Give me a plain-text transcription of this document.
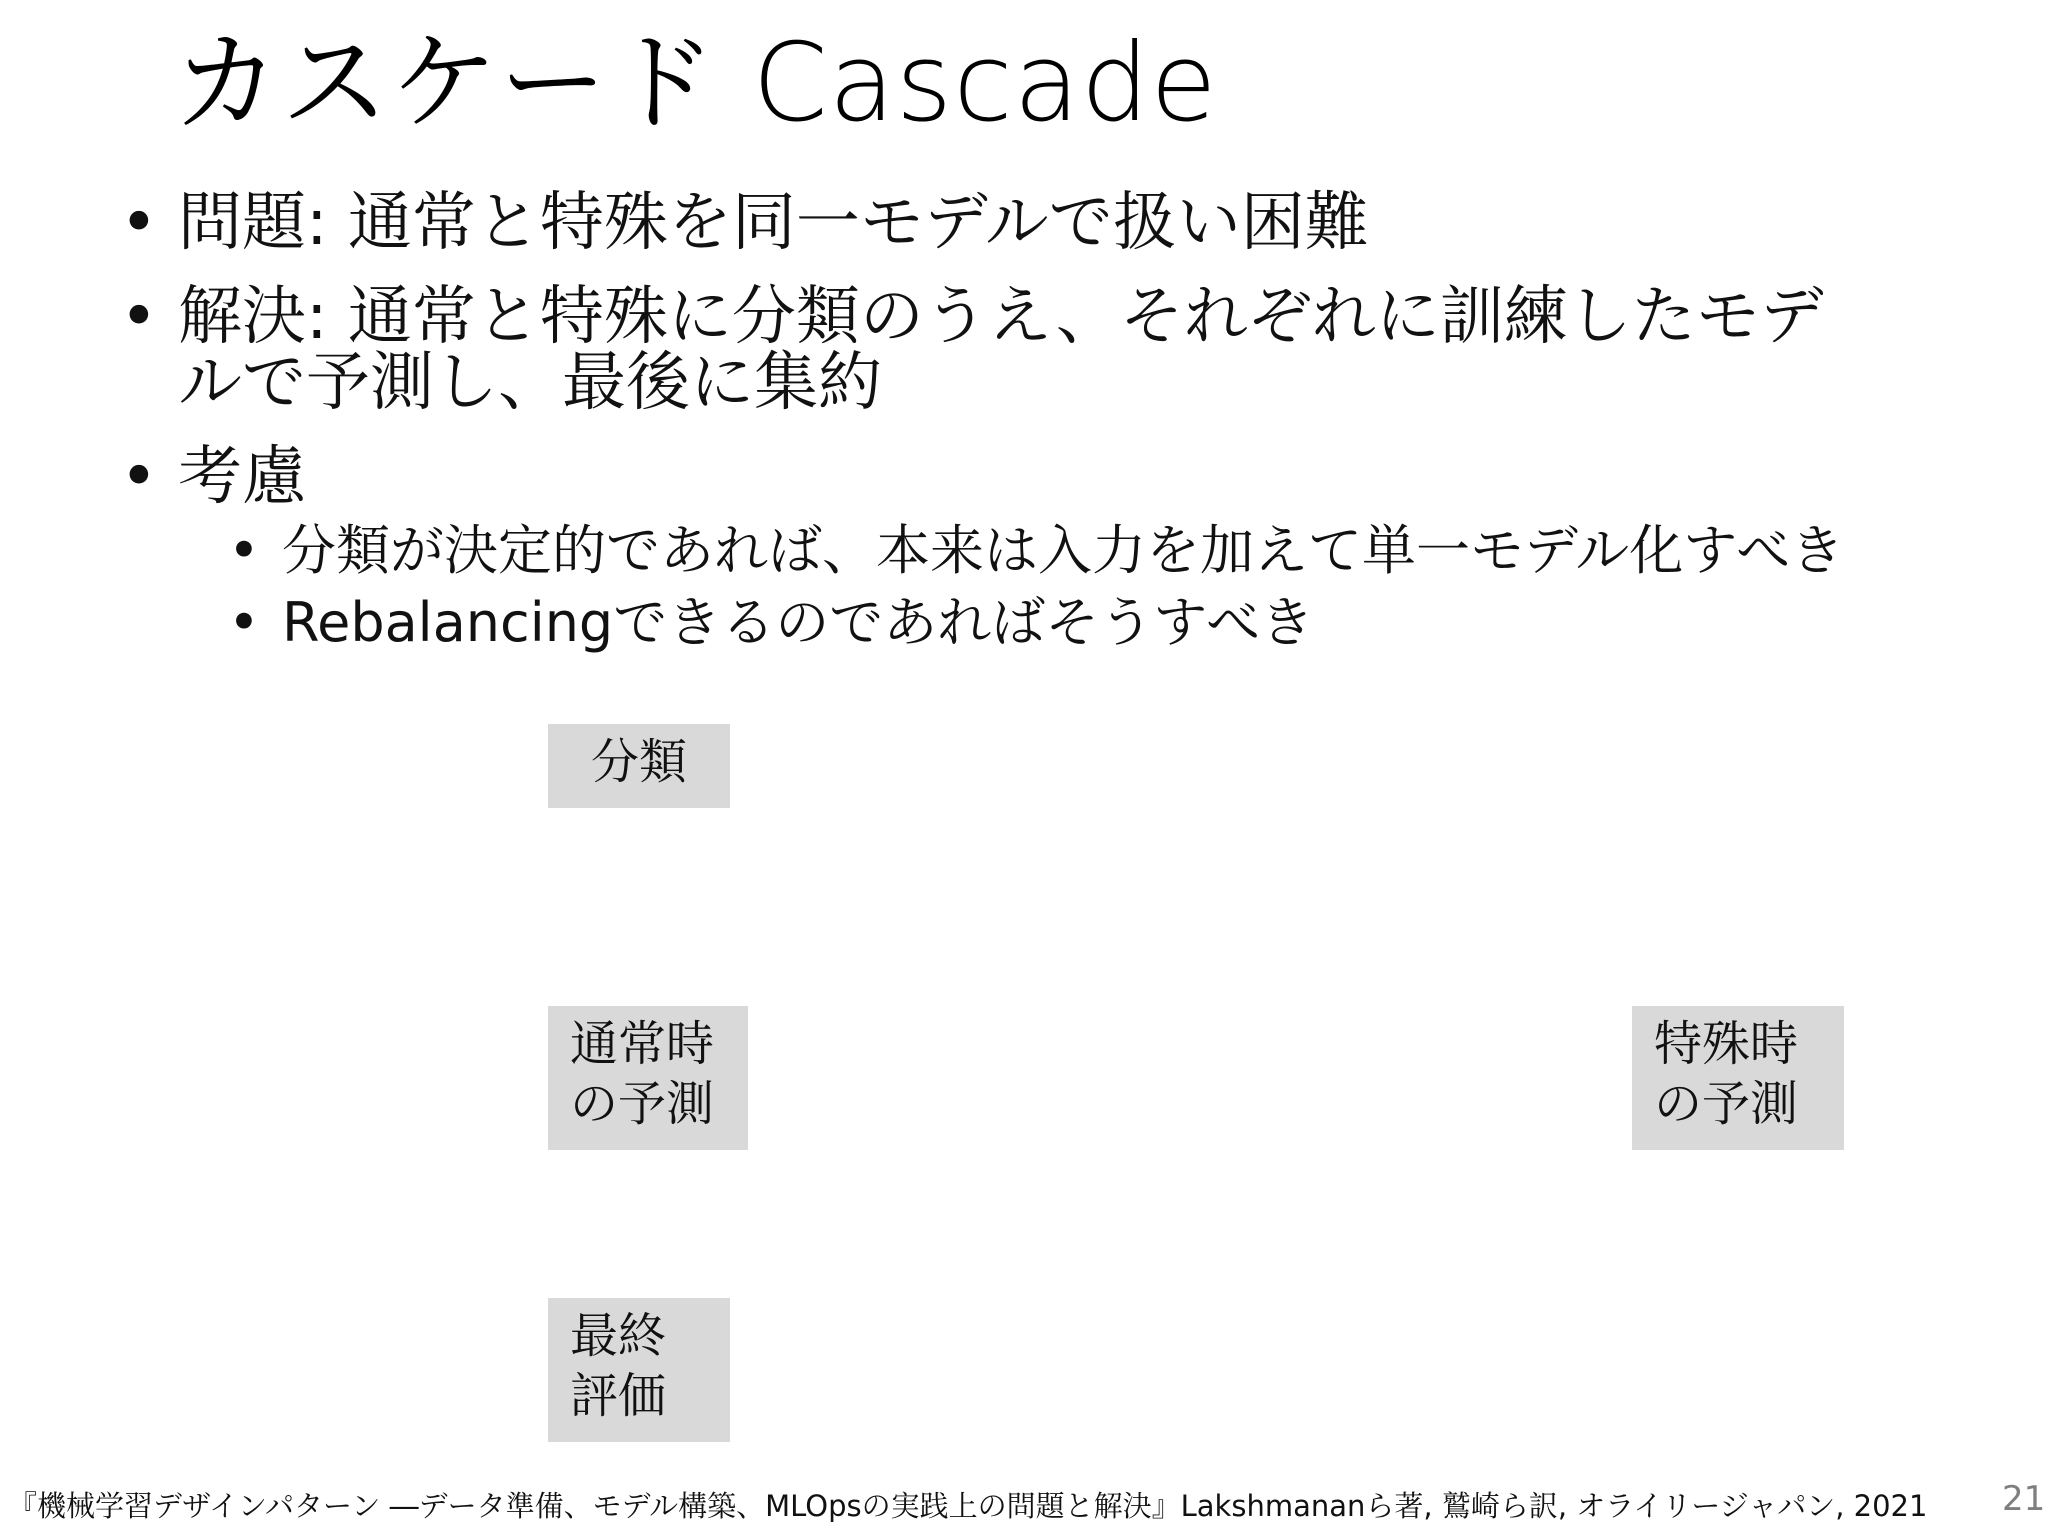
カスケード Cascade
• 問題: 通常と特殊を同一モデルで扱い困難
• 解決: 通常と特殊に分類のうえ、それぞれに訓練したモデ
ルで予測し、最後に集約
• 考慮
• 分類が決定的であれば、本来は入力を加えて単一モデル化すべき
• Rebalancingできるのであればそうすべき
分類
通常時
の予測
特殊時
の予測
最終
評価
『機械学習デザインパターン ―データ準備、モデル構築、MLOpsの実践上の問題と解決』Lakshmananら著, 鷲崎ら訳, オライリージャパン, 2021 21
